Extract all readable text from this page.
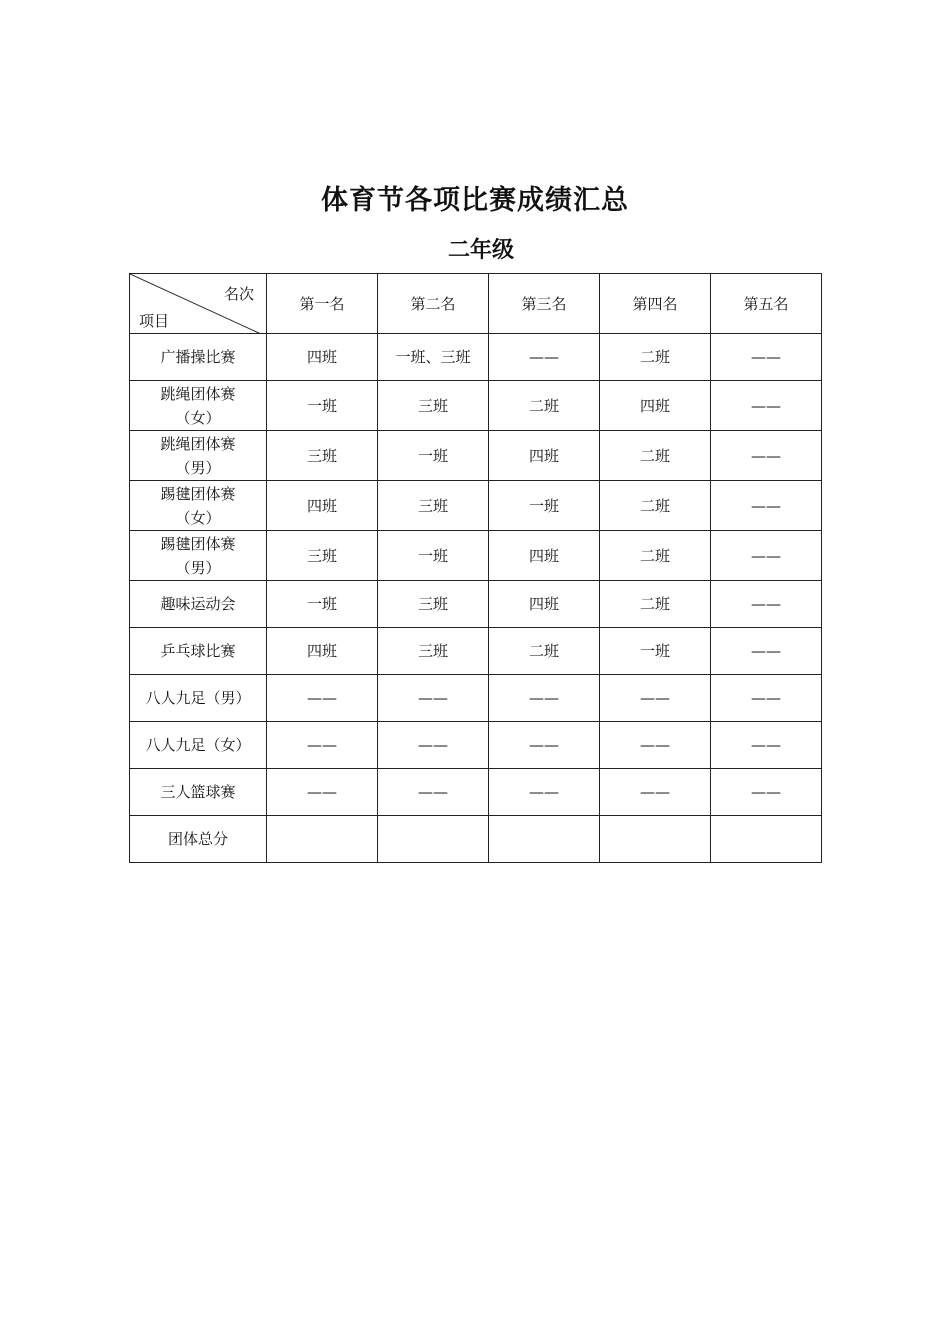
体育节各项比赛成绩汇总
二年级
名次
项目	第一名	第二名	第三名	第四名	第五名

广播操比赛	四班	一班、三班	——	二班	——

跳绳团体赛
（女）	一班	三班	二班	四班	——

跳绳团体赛
（男）	三班	一班	四班	二班	——

踢毽团体赛
（女）	四班	三班	一班	二班	——

踢毽团体赛
（男）	三班	一班	四班	二班	——

趣味运动会	一班	三班	四班	二班	——

乒乓球比赛	四班	三班	二班	一班	——

八人九足（男）	——	——	——	——	——

八人九足（女）	——	——	——	——	——

三人篮球赛	——	——	——	——	——

团体总分					
